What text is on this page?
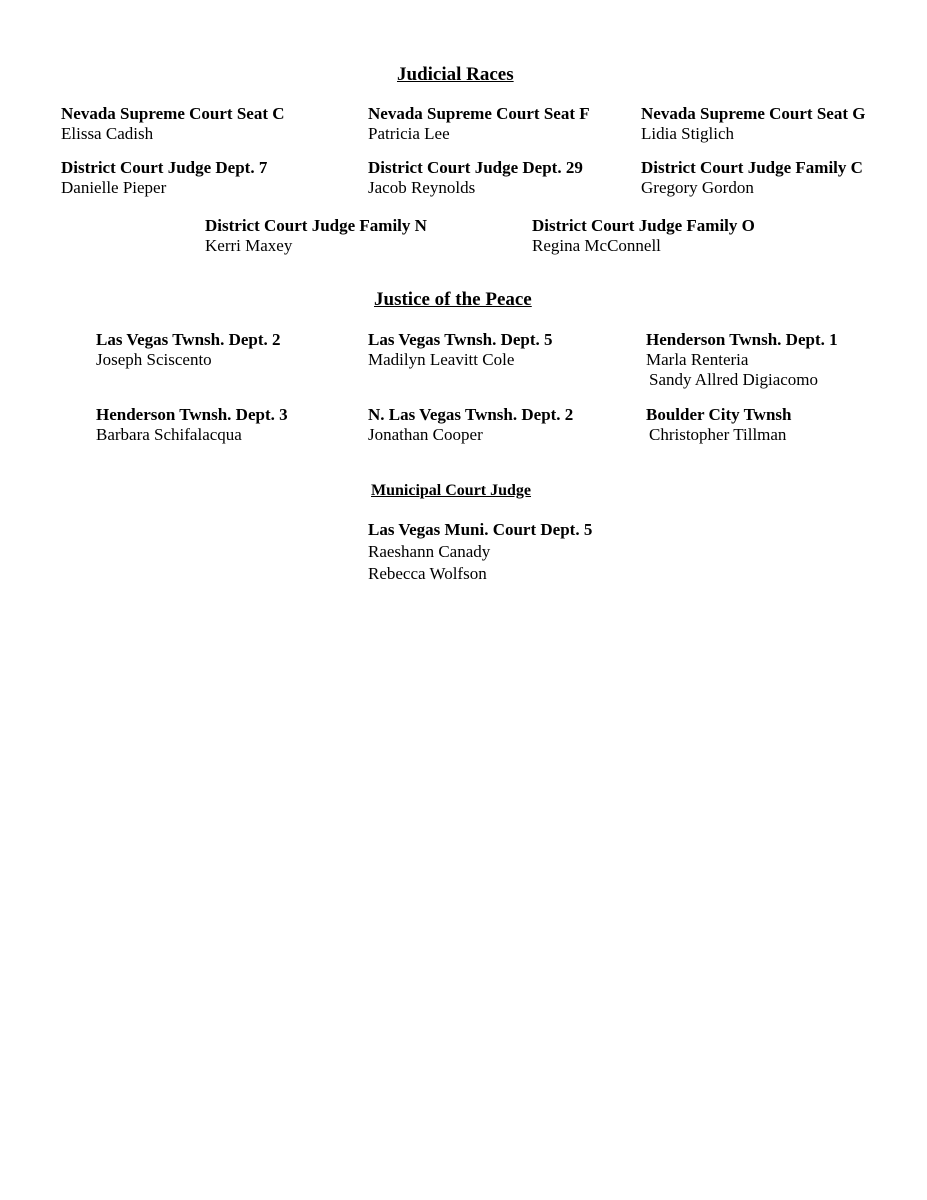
Judicial Races
Nevada Supreme Court Seat C
Elissa Cadish
Nevada Supreme Court Seat F
Patricia Lee
Nevada Supreme Court Seat G
Lidia Stiglich
District Court Judge Dept. 7
Danielle Pieper
District Court Judge Dept. 29
Jacob Reynolds
District Court Judge Family C
Gregory Gordon
District Court Judge Family N
Kerri Maxey
District Court Judge Family O
Regina McConnell
Justice of the Peace
Las Vegas Twnsh. Dept. 2
Joseph Sciscento
Las Vegas Twnsh. Dept. 5
Madilyn Leavitt Cole
Henderson Twnsh. Dept. 1
Marla Renteria
Sandy Allred Digiacomo
Henderson Twnsh. Dept. 3
Barbara Schifalacqua
N. Las Vegas Twnsh. Dept. 2
Jonathan Cooper
Boulder City Twnsh
Christopher Tillman
Municipal Court Judge
Las Vegas Muni. Court Dept. 5
Raeshann Canady
Rebecca Wolfson
